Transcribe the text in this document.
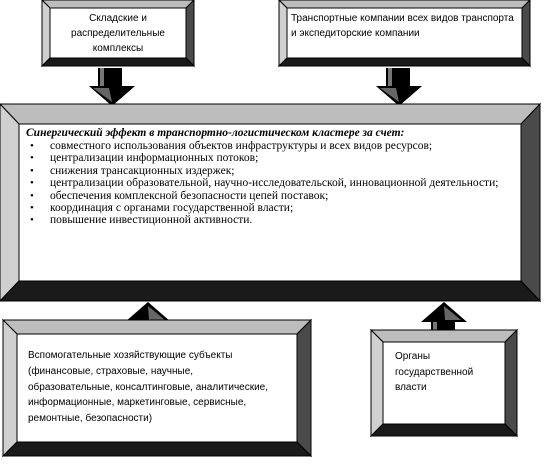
Складские и распределительные комплексы
Транспортные компании всех видов транспорта и экспедиторские компании
Синергический эффект в транспортно-логистическом кластере за счет:
• совместного использования объектов инфраструктуры и всех видов ресурсов;
• централизации информационных потоков;
• снижения трансакционных издержек;
• централизации образовательной, научно-исследовательской, инновационной деятельности;
• обеспечения комплексной безопасности цепей поставок;
• координация с органами государственной власти;
• повышение инвестиционной активности.
Вспомогательные хозяйствующие субъекты (финансовые, страховые, научные, образовательные, консалтинговые, аналитические, информационные, маркетинговые, сервисные, ремонтные, безопасности)
Органы государственной власти
